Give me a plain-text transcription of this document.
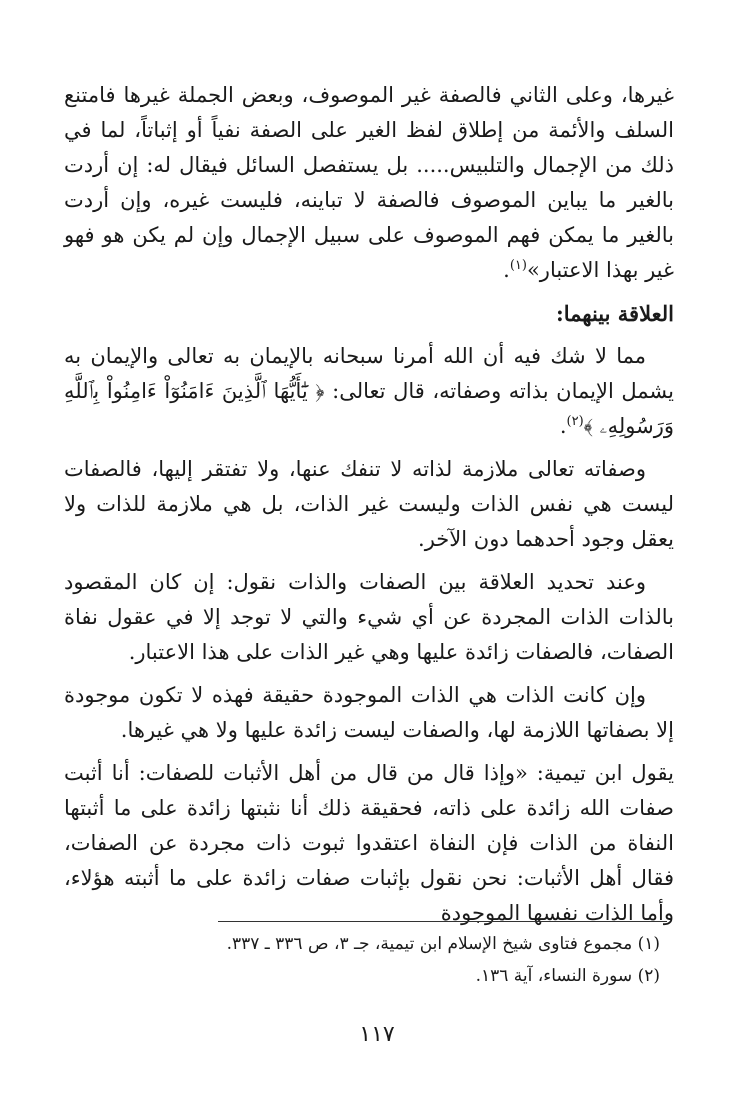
غيرها، وعلى الثاني فالصفة غير الموصوف، وبعض الجملة غيرها فامتنع السلف والأئمة من إطلاق لفظ الغير على الصفة نفياً أو إثباتاً، لما في ذلك من الإجمال والتلبيس..... بل يستفصل السائل فيقال له: إن أردت بالغير ما يباين الموصوف فالصفة لا تباينه، فليست غيره، وإن أردت بالغير ما يمكن فهم الموصوف على سبيل الإجمال وإن لم يكن هو فهو غير بهذا الاعتبار»$^{(١)}$.

العلاقة بينهما:

مما لا شك فيه أن الله أمرنا سبحانه بالإيمان به تعالى والإيمان به يشمل الإيمان بذاته وصفاته، قال تعالى: ﴿ يَٰٓأَيُّهَا ٱلَّذِينَ ءَامَنُوٓاْ ءَامِنُواْ بِٱللَّهِ وَرَسُولِهِۦ ﴾$^{(٢)}$.

وصفاته تعالى ملازمة لذاته لا تنفك عنها، ولا تفتقر إليها، فالصفات ليست هي نفس الذات وليست غير الذات، بل هي ملازمة للذات ولا يعقل وجود أحدهما دون الآخر.

وعند تحديد العلاقة بين الصفات والذات نقول: إن كان المقصود بالذات الذات المجردة عن أي شيء والتي لا توجد إلا في عقول نفاة الصفات، فالصفات زائدة عليها وهي غير الذات على هذا الاعتبار.

وإن كانت الذات هي الذات الموجودة حقيقة فهذه لا تكون موجودة إلا بصفاتها اللازمة لها، والصفات ليست زائدة عليها ولا هي غيرها.

يقول ابن تيمية: «وإذا قال من قال من أهل الأثبات للصفات: أنا أثبت صفات الله زائدة على ذاته، فحقيقة ذلك أنا نثبتها زائدة على ما أثبتها النفاة من الذات فإن النفاة اعتقدوا ثبوت ذات مجردة عن الصفات، فقال أهل الأثبات: نحن نقول بإثبات صفات زائدة على ما أثبته هؤلاء، وأما الذات نفسها الموجودة

(١) مجموع فتاوى شيخ الإسلام ابن تيمية، جـ ٣، ص ٣٣٦ ـ ٣٣٧.

(٢) سورة النساء، آية ١٣٦.

١١٧
